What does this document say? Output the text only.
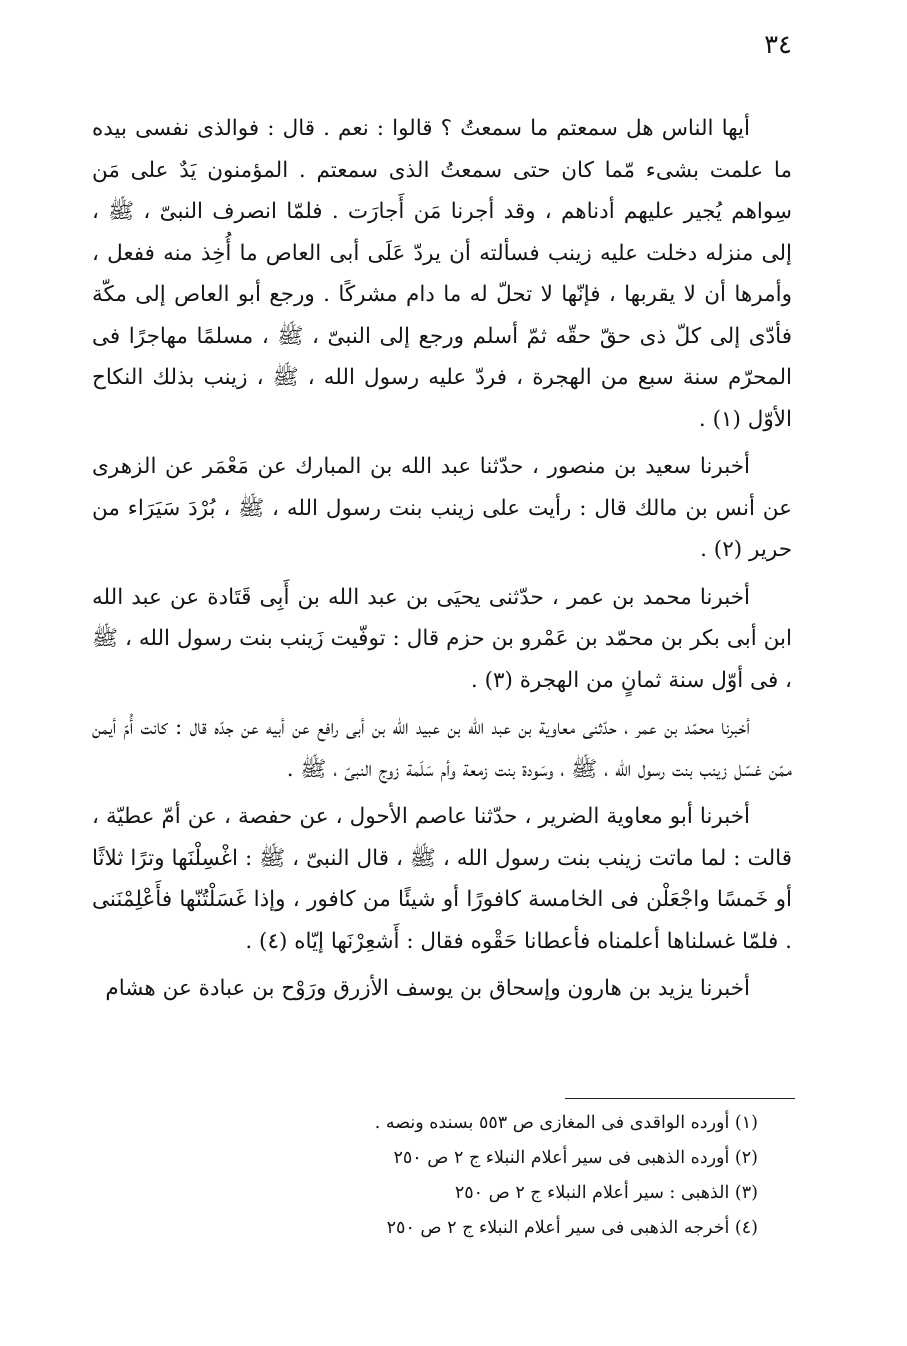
٣٤

أيها الناس هل سمعتم ما سمعتُ ؟ قالوا : نعم . قال : فوالذى نفسى بيده ما علمت بشىء مّما كان حتى سمعتُ الذى سمعتم . المؤمنون يَدٌ على مَن سِواهم يُجير عليهم أدناهم ، وقد أجرنا مَن أَجارَت . فلمّا انصرف النبىّ ، ﷺ ، إلى منزله دخلت عليه زينب فسألته أن يردّ عَلَى أبى العاص ما أُخِذ منه ففعل ، وأمرها أن لا يقربها ، فإنّها لا تحلّ له ما دام مشركًا . ورجع أبو العاص إلى مكّة فأدّى إلى كلّ ذى حقّ حقّه ثمّ أسلم ورجع إلى النبىّ ، ﷺ ، مسلمًا مهاجرًا فى المحرّم سنة سبع من الهجرة ، فردّ عليه رسول الله ، ﷺ ، زينب بذلك النكاح الأوّل (١) .

أخبرنا سعيد بن منصور ، حدّثنا عبد الله بن المبارك عن مَعْمَر عن الزهرى عن أنس بن مالك قال : رأيت على زينب بنت رسول الله ، ﷺ ، بُرْدَ سَيَرَاء من حرير (٢) .

أخبرنا محمد بن عمر ، حدّثنى يحيَى بن عبد الله بن أَبِى قَتَادة عن عبد الله ابن أبى بكر بن محمّد بن عَمْرو بن حزم قال : توفّيت زَينب بنت رسول الله ، ﷺ ، فى أوّل سنة ثمانٍ من الهجرة (٣) .

أخبرنا محمّد بن عمر ، حدّثنى معاوية بن عبد الله بن عبيد الله بن أبى رافع عن أبيه عن جدّه قال : كانت أُمّ أيمن ممّن غسّل زينب بنت رسول الله ، ﷺ ، وسَودة بنت زمعة وأم سَلَمة زوج النبىّ ، ﷺ .

أخبرنا أبو معاوية الضرير ، حدّثنا عاصم الأحول ، عن حفصة ، عن أمّ عطيّة ، قالت : لما ماتت زينب بنت رسول الله ، ﷺ ، قال النبىّ ، ﷺ : اغْسِلْنَها وترًا ثلاثًا أو خَمسًا واجْعَلْن فى الخامسة كافورًا أو شيئًا من كافور ، وإذا غَسَلْتُنّها فأَعْلِمْنَنى . فلمّا غسلناها أعلمناه فأعطانا حَقْوه فقال : أَشعِرْنَها إيّاه (٤) .

أخبرنا يزيد بن هارون وإسحاق بن يوسف الأزرق ورَوْح بن عبادة عن هشام

(١) أورده الواقدى فى المغازى ص ٥٥٣ بسنده ونصه .
(٢) أورده الذهبى فى سير أعلام النبلاء ج ٢ ص ٢٥٠
(٣) الذهبى : سير أعلام النبلاء ج ٢ ص ٢٥٠
(٤) أخرجه الذهبى فى سير أعلام النبلاء ج ٢ ص ٢٥٠
